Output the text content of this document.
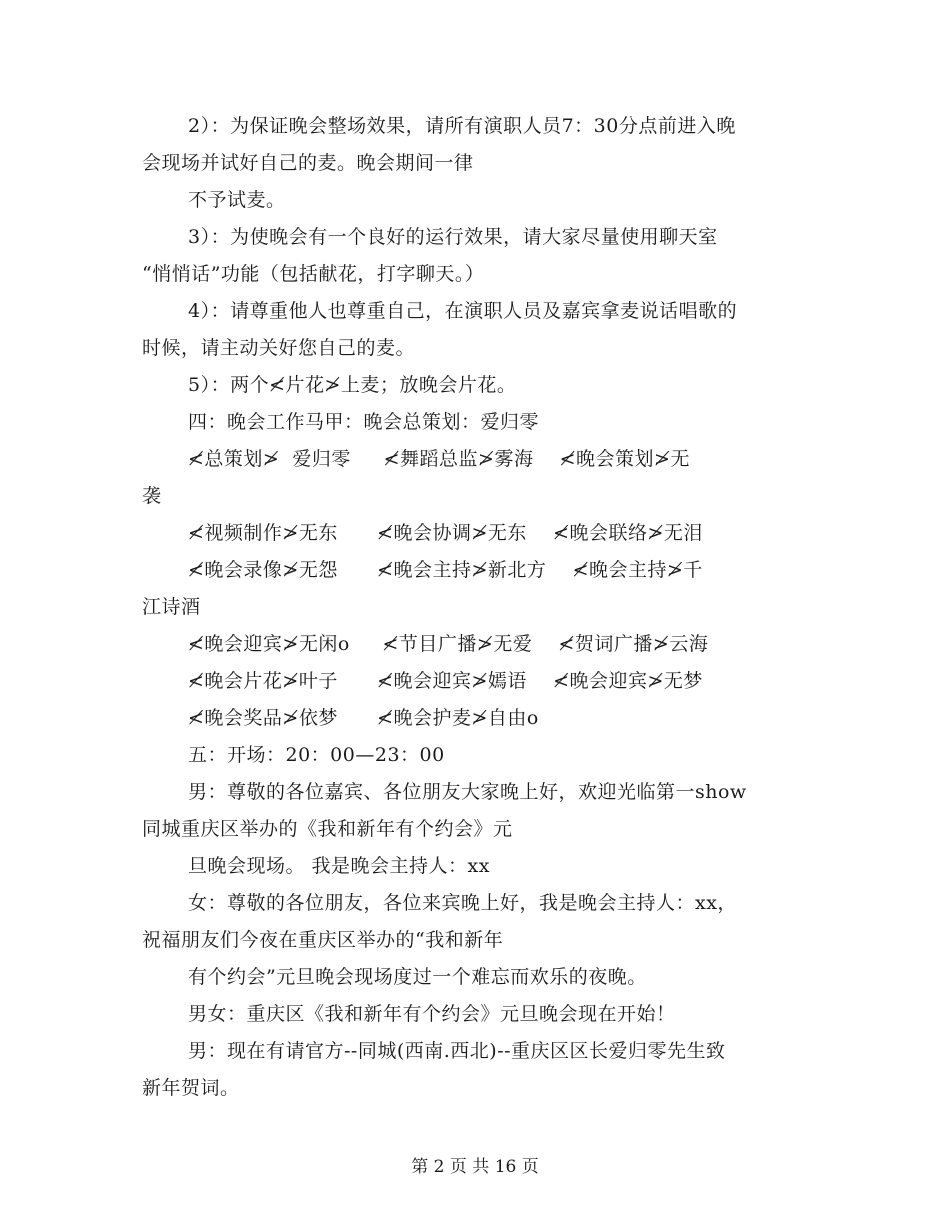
2）：为保证晚会整场效果，请所有演职人员7：30分点前进入晚
会现场并试好自己的麦。晚会期间一律
不予试麦。
3）：为使晚会有一个良好的运行效果，请大家尽量使用聊天室
“悄悄话”功能（包括献花，打字聊天。）
4）：请尊重他人也尊重自己，在演职人员及嘉宾拿麦说话唱歌的
时候，请主动关好您自己的麦。
5）：两个≮片花≯上麦；放晚会片花。
四：晚会工作马甲：晚会总策划：爱归零
≮总策划≯  爱归零     ≮舞蹈总监≯雾海    ≮晚会策划≯无
袭
≮视频制作≯无东      ≮晚会协调≯无东    ≮晚会联络≯无泪
≮晚会录像≯无怨      ≮晚会主持≯新北方    ≮晚会主持≯千
江诗酒
≮晚会迎宾≯无闲o     ≮节目广播≯无爱    ≮贺词广播≯云海
≮晚会片花≯叶子      ≮晚会迎宾≯嫣语    ≮晚会迎宾≯无梦
≮晚会奖品≯依梦      ≮晚会护麦≯自由o
五：开场：20：00—23：00
男：尊敬的各位嘉宾、各位朋友大家晚上好，欢迎光临第一show
同城重庆区举办的《我和新年有个约会》元
旦晚会现场。 我是晚会主持人：xx
女：尊敬的各位朋友，各位来宾晚上好，我是晚会主持人：xx，
祝福朋友们今夜在重庆区举办的“我和新年
有个约会”元旦晚会现场度过一个难忘而欢乐的夜晚。
男女：重庆区《我和新年有个约会》元旦晚会现在开始！
男：现在有请官方--同城(西南.西北)--重庆区区长爱归零先生致
新年贺词。
第 2 页 共 16 页
